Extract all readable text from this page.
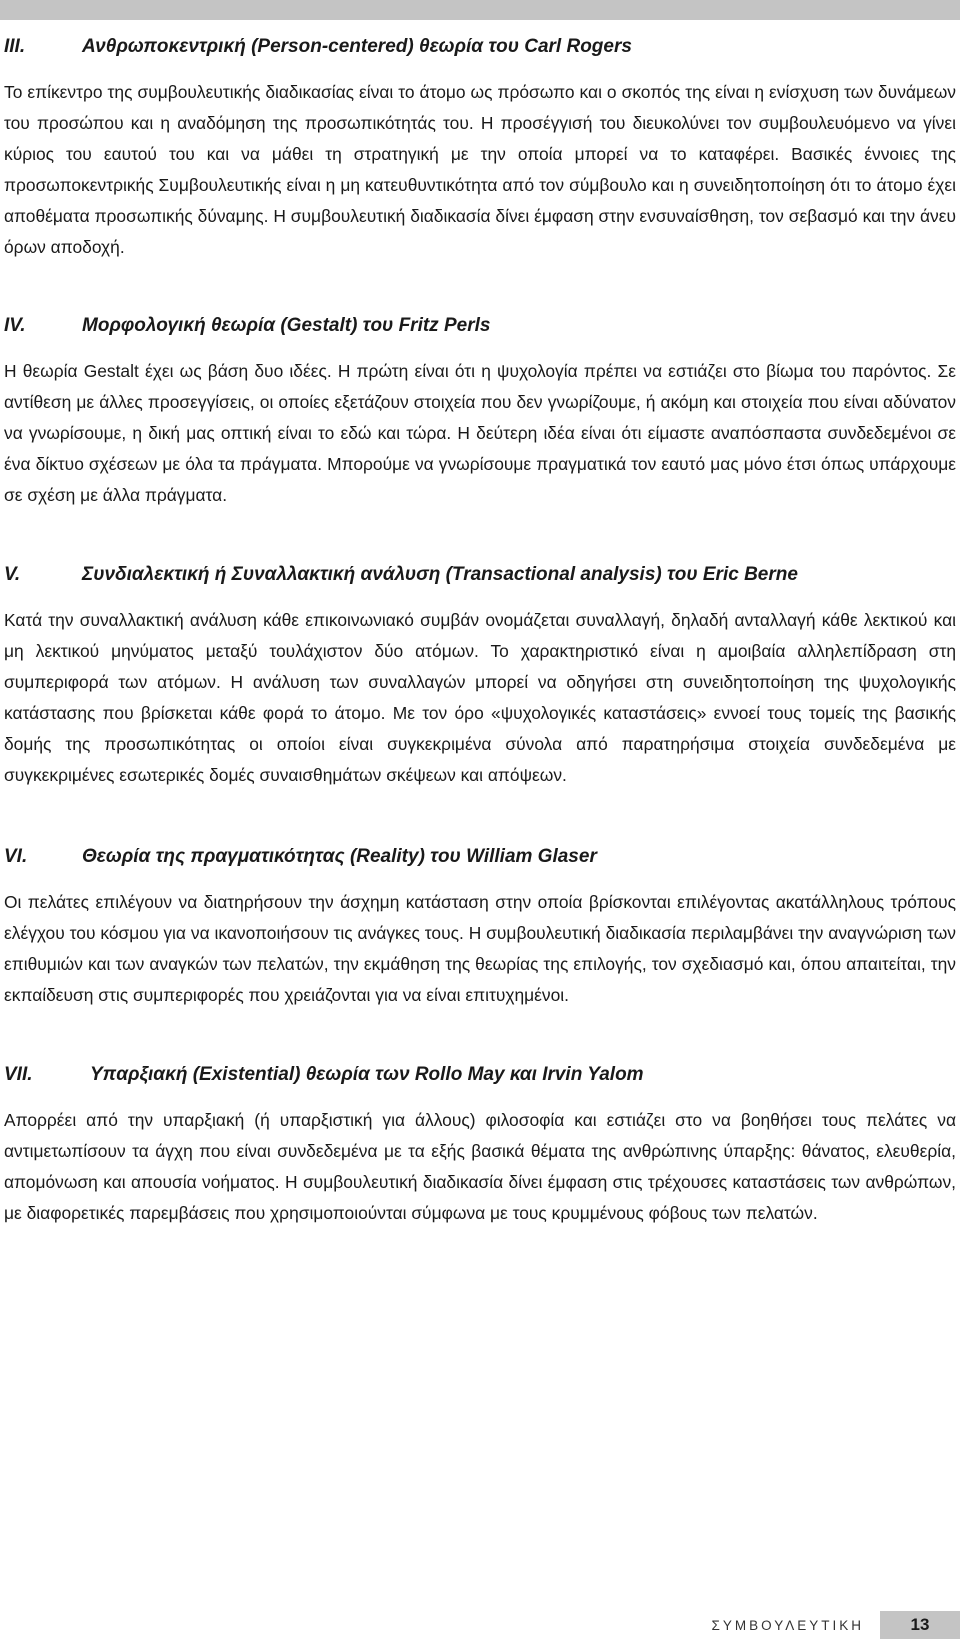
III.	Ανθρωποκεντρική (Person-centered) θεωρία του Carl Rogers

Το επίκεντρο της συμβουλευτικής διαδικασίας είναι το άτομο ως πρόσωπο και ο σκοπός της είναι η ενίσχυση των δυνάμεων του προσώπου και η αναδόμηση της προσωπικότητάς του. Η προσέγγισή του διευκολύνει τον συμβουλευόμενο να γίνει κύριος του εαυτού του και να μάθει τη στρατηγική με την οποία μπορεί να το καταφέρει. Βασικές έννοιες της προσωποκεντρικής Συμβουλευτικής είναι η μη κατευθυντικότητα από τον σύμβουλο και η συνειδητοποίηση ότι το άτομο έχει αποθέματα προσωπικής δύναμης. Η συμβουλευτική διαδικασία δίνει έμφαση στην ενσυναίσθηση, τον σεβασμό και την άνευ όρων αποδοχή.

IV.	Μορφολογική θεωρία (Gestalt) του Fritz Perls

Η θεωρία Gestalt έχει ως βάση δυο ιδέες. Η πρώτη είναι ότι η ψυχολογία πρέπει να εστιάζει στο βίωμα του παρόντος. Σε αντίθεση με άλλες προσεγγίσεις, οι οποίες εξετάζουν στοιχεία που δεν γνωρίζουμε, ή ακόμη και στοιχεία που είναι αδύνατον να γνωρίσουμε, η δική μας οπτική είναι το εδώ και τώρα. Η δεύτερη ιδέα είναι ότι είμαστε αναπόσπαστα συνδεδεμένοι σε ένα δίκτυο σχέσεων με όλα τα πράγματα. Μπορούμε να γνωρίσουμε πραγματικά τον εαυτό μας μόνο έτσι όπως υπάρχουμε σε σχέση με άλλα πράγματα.

V.	Συνδιαλεκτική ή Συναλλακτική ανάλυση (Transactional analysis) του Eric Berne

Κατά την συναλλακτική ανάλυση κάθε επικοινωνιακό συμβάν ονομάζεται συναλλαγή, δηλαδή ανταλλαγή κάθε λεκτικού και μη λεκτικού μηνύματος μεταξύ τουλάχιστον δύο ατόμων. Το χαρακτηριστικό είναι η αμοιβαία αλληλεπίδραση στη συμπεριφορά των ατόμων. Η ανάλυση των συναλλαγών μπορεί να οδηγήσει στη συνειδητοποίηση της ψυχολογικής κατάστασης που βρίσκεται κάθε φορά το άτομο. Με τον όρο «ψυχολογικές καταστάσεις» εννοεί τους τομείς της βασικής δομής της προσωπικότητας οι οποίοι είναι συγκεκριμένα σύνολα από παρατηρήσιμα στοιχεία συνδεδεμένα με συγκεκριμένες εσωτερικές δομές συναισθημάτων σκέψεων και απόψεων.

VI.	Θεωρία της πραγματικότητας (Reality) του William Glaser

Οι πελάτες επιλέγουν να διατηρήσουν την άσχημη κατάσταση στην οποία βρίσκονται επιλέγοντας ακατάλληλους τρόπους ελέγχου του κόσμου για να ικανοποιήσουν τις ανάγκες τους. Η συμβουλευτική διαδικασία περιλαμβάνει την αναγνώριση των επιθυμιών και των αναγκών των πελατών, την εκμάθηση της θεωρίας της επιλογής, τον σχεδιασμό και, όπου απαιτείται, την εκπαίδευση στις συμπεριφορές που χρειάζονται για να είναι επιτυχημένοι.

VII.	Υπαρξιακή (Existential) θεωρία των Rollo May και Irvin Yalom

Απορρέει από την υπαρξιακή (ή υπαρξιστική για άλλους) φιλοσοφία και εστιάζει στο να βοηθήσει τους πελάτες να αντιμετωπίσουν τα άγχη που είναι συνδεδεμένα με τα εξής βασικά θέματα της ανθρώπινης ύπαρξης: θάνατος, ελευθερία, απομόνωση και απουσία νοήματος. Η συμβουλευτική διαδικασία δίνει έμφαση στις τρέχουσες καταστάσεις των ανθρώπων, με διαφορετικές παρεμβάσεις που χρησιμοποιούνται σύμφωνα με τους κρυμμένους φόβους των πελατών.

ΣΥΜΒΟΥΛΕΥΤΙΚΗ	13
